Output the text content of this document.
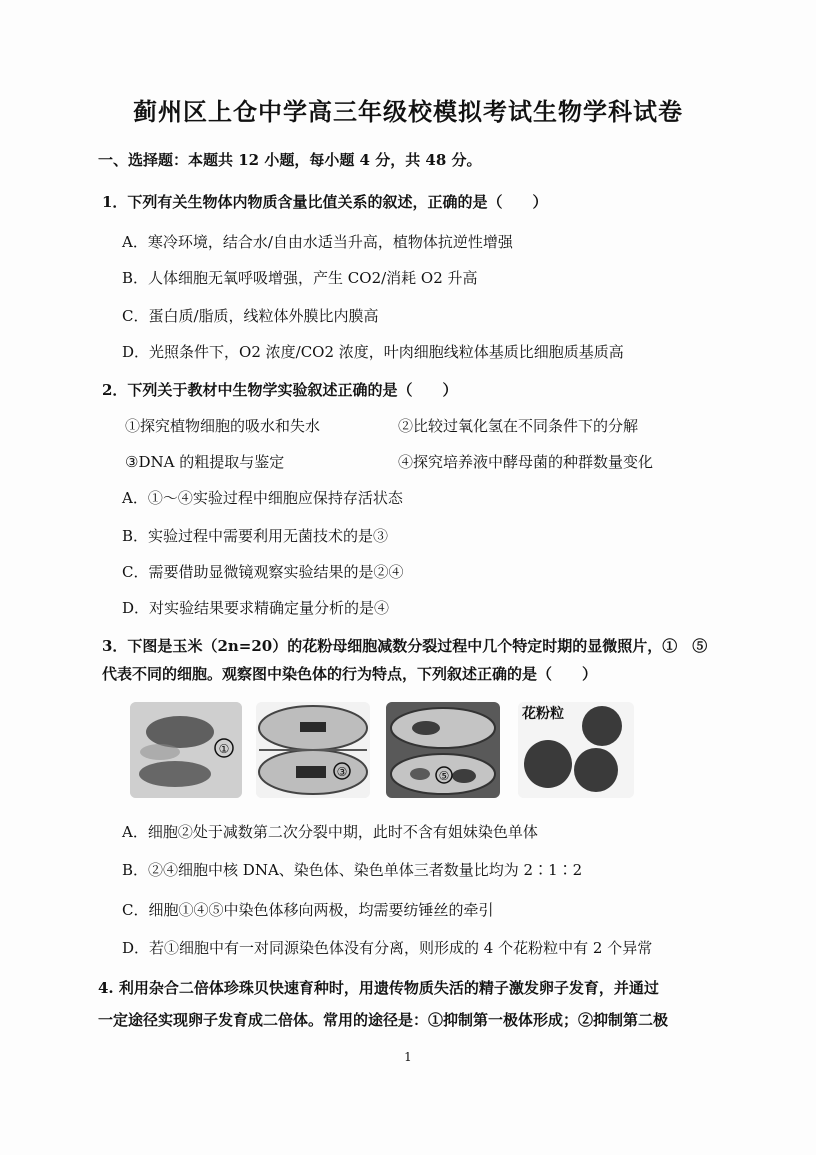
蓟州区上仓中学高三年级校模拟考试生物学科试卷
一、选择题：本题共 12 小题，每小题 4 分，共 48 分。
1．下列有关生物体内物质含量比值关系的叙述，正确的是（　　）
A．寒冷环境，结合水/自由水适当升高，植物体抗逆性增强
B．人体细胞无氧呼吸增强，产生 CO2/消耗 O2 升高
C．蛋白质/脂质，线粒体外膜比内膜高
D．光照条件下，O2 浓度/CO2 浓度，叶肉细胞线粒体基质比细胞质基质高
2．下列关于教材中生物学实验叙述正确的是（　　）
①探究植物细胞的吸水和失水	②比较过氧化氢在不同条件下的分解
③DNA 的粗提取与鉴定	④探究培养液中酵母菌的种群数量变化
A．①～④实验过程中细胞应保持存活状态
B．实验过程中需要利用无菌技术的是③
C．需要借助显微镜观察实验结果的是②④
D．对实验结果要求精确定量分析的是④
3．下图是玉米（2n=20）的花粉母细胞减数分裂过程中几个特定时期的显微照片，①　⑤
代表不同的细胞。观察图中染色体的行为特点，下列叙述正确的是（　　）
①
③	⑤
花粉粒
A．细胞②处于减数第二次分裂中期，此时不含有姐妹染色单体
B．②④细胞中核 DNA、染色体、染色单体三者数量比均为 2∶1∶2
C．细胞①④⑤中染色体移向两极，均需要纺锤丝的牵引
D．若①细胞中有一对同源染色体没有分离，则形成的 4 个花粉粒中有 2 个异常
4. 利用杂合二倍体珍珠贝快速育种时，用遗传物质失活的精子激发卵子发育，并通过
一定途径实现卵子发育成二倍体。常用的途径是：①抑制第一极体形成；②抑制第二极
1
